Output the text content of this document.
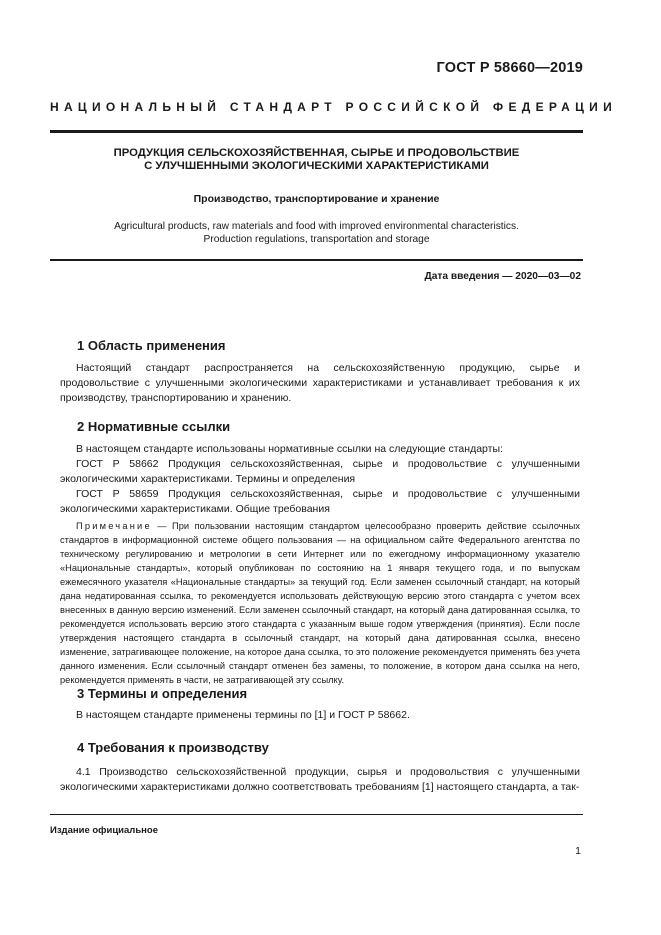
ГОСТ Р 58660—2019
НАЦИОНАЛЬНЫЙ СТАНДАРТ РОССИЙСКОЙ ФЕДЕРАЦИИ
ПРОДУКЦИЯ СЕЛЬСКОХОЗЯЙСТВЕННАЯ, СЫРЬЕ И ПРОДОВОЛЬСТВИЕ
С УЛУЧШЕННЫМИ ЭКОЛОГИЧЕСКИМИ ХАРАКТЕРИСТИКАМИ
Производство, транспортирование и хранение
Agricultural products, raw materials and food with improved environmental characteristics.
Production regulations, transportation and storage
Дата введения — 2020—03—02
1 Область применения
Настоящий стандарт распространяется на сельскохозяйственную продукцию, сырье и продовольствие с улучшенными экологическими характеристиками и устанавливает требования к их производству, транспортированию и хранению.
2 Нормативные ссылки
В настоящем стандарте использованы нормативные ссылки на следующие стандарты:
ГОСТ Р 58662 Продукция сельскохозяйственная, сырье и продовольствие с улучшенными экологическими характеристиками. Термины и определения
ГОСТ Р 58659 Продукция сельскохозяйственная, сырье и продовольствие с улучшенными экологическими характеристиками. Общие требования
Примечание — При пользовании настоящим стандартом целесообразно проверить действие ссылочных стандартов в информационной системе общего пользования — на официальном сайте Федерального агентства по техническому регулированию и метрологии в сети Интернет или по ежегодному информационному указателю «Национальные стандарты», который опубликован по состоянию на 1 января текущего года, и по выпускам ежемесячного указателя «Национальные стандарты» за текущий год. Если заменен ссылочный стандарт, на который дана недатированная ссылка, то рекомендуется использовать действующую версию этого стандарта с учетом всех внесенных в данную версию изменений. Если заменен ссылочный стандарт, на который дана датированная ссылка, то рекомендуется использовать версию этого стандарта с указанным выше годом утверждения (принятия). Если после утверждения настоящего стандарта в ссылочный стандарт, на который дана датированная ссылка, внесено изменение, затрагивающее положение, на которое дана ссылка, то это положение рекомендуется применять без учета данного изменения. Если ссылочный стандарт отменен без замены, то положение, в котором дана ссылка на него, рекомендуется применять в части, не затрагивающей эту ссылку.
3 Термины и определения
В настоящем стандарте применены термины по [1] и ГОСТ Р 58662.
4 Требования к производству
4.1 Производство сельскохозяйственной продукции, сырья и продовольствия с улучшенными экологическими характеристиками должно соответствовать требованиям [1] настоящего стандарта, а так-
Издание официальное
1
